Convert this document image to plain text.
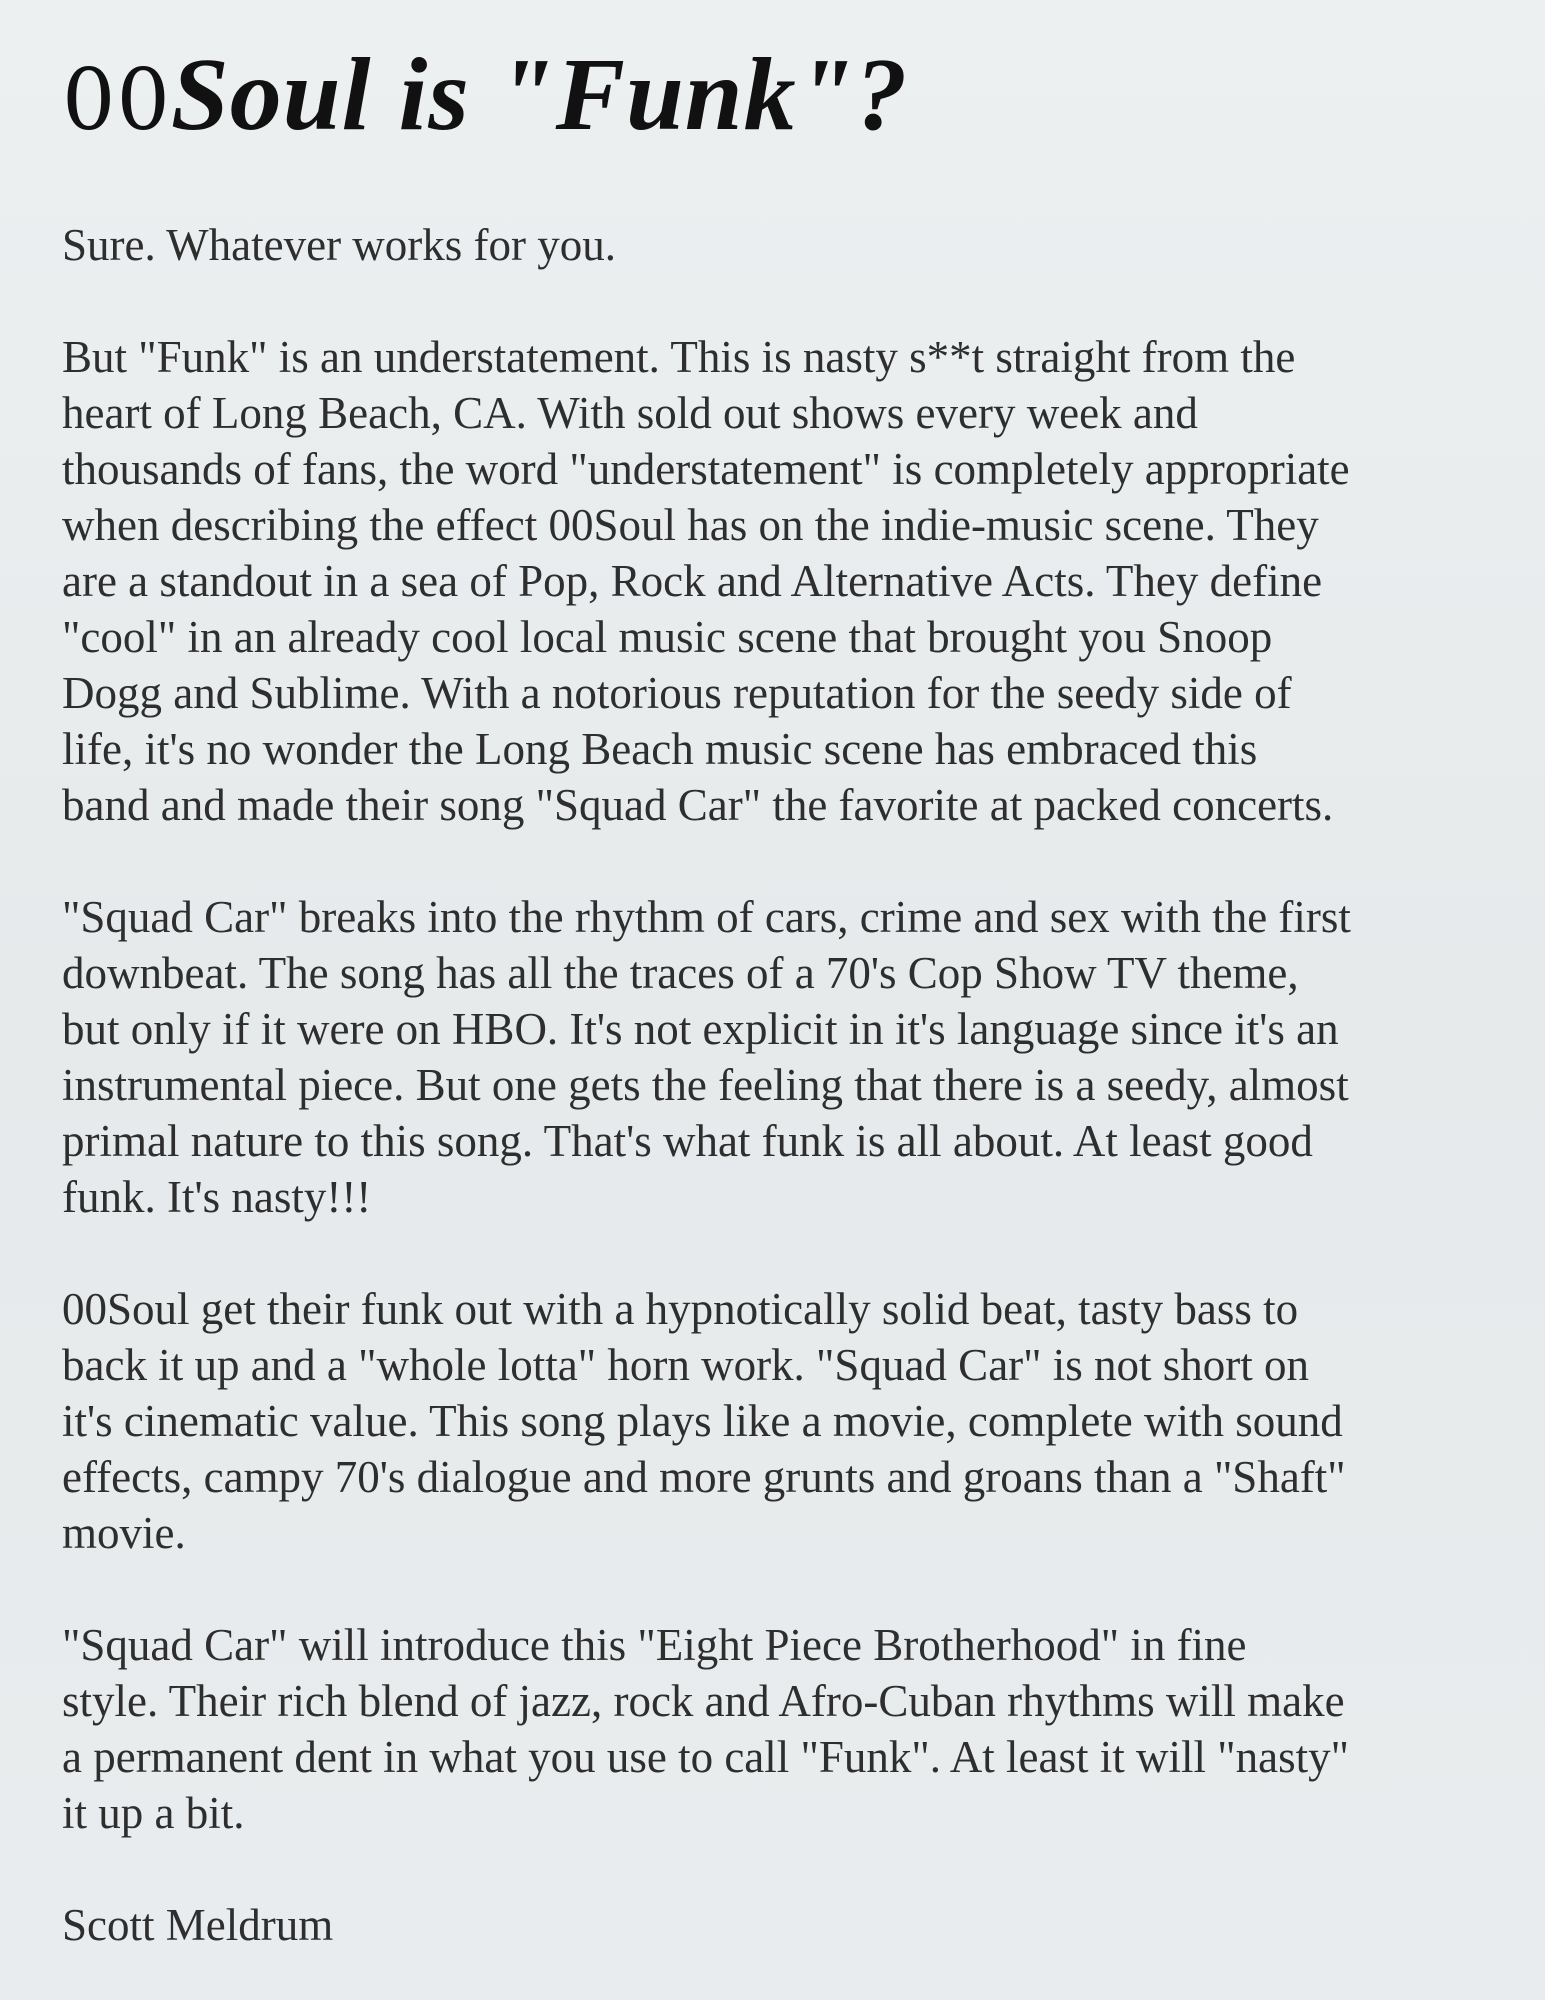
00Soul is "Funk"?

Sure. Whatever works for you.

But "Funk" is an understatement. This is nasty s**t straight from the heart of Long Beach, CA. With sold out shows every week and thousands of fans, the word "understatement" is completely appropriate when describing the effect 00Soul has on the indie-music scene. They are a standout in a sea of Pop, Rock and Alternative Acts. They define "cool" in an already cool local music scene that brought you Snoop Dogg and Sublime. With a notorious reputation for the seedy side of life, it's no wonder the Long Beach music scene has embraced this band and made their song "Squad Car" the favorite at packed concerts.

"Squad Car" breaks into the rhythm of cars, crime and sex with the first downbeat. The song has all the traces of a 70's Cop Show TV theme, but only if it were on HBO. It's not explicit in it's language since it's an instrumental piece. But one gets the feeling that there is a seedy, almost primal nature to this song. That's what funk is all about. At least good funk. It's nasty!!!

00Soul get their funk out with a hypnotically solid beat, tasty bass to back it up and a "whole lotta" horn work. "Squad Car" is not short on it's cinematic value. This song plays like a movie, complete with sound effects, campy 70's dialogue and more grunts and groans than a "Shaft" movie.

"Squad Car" will introduce this "Eight Piece Brotherhood" in fine style. Their rich blend of jazz, rock and Afro-Cuban rhythms will make a permanent dent in what you use to call "Funk". At least it will "nasty" it up a bit.

Scott Meldrum
